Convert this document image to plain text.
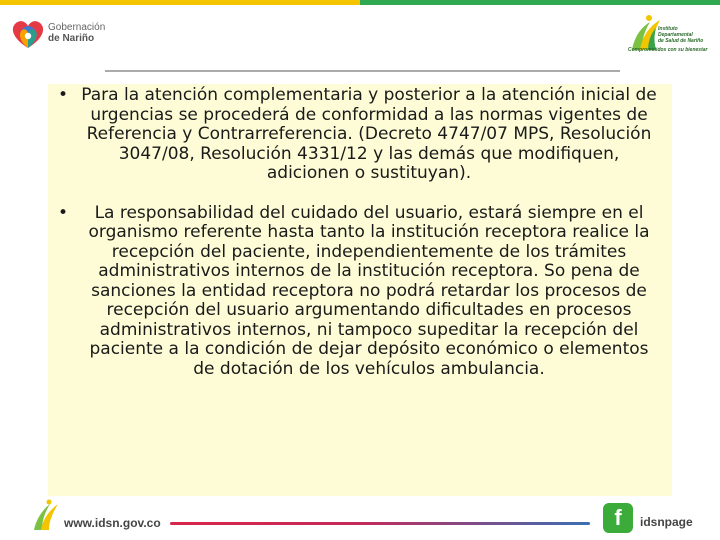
Gobernación
de Nariño
Instituto
Departamental
de Salud de Nariño
Comprometidos con su bienestar
• Para la atención complementaria y posterior a la atención inicial de urgencias se procederá de conformidad a las normas vigentes de Referencia y Contrarreferencia. (Decreto 4747/07 MPS, Resolución 3047/08, Resolución 4331/12 y las demás que modifiquen, adicionen o sustituyan).
• La responsabilidad del cuidado del usuario, estará siempre en el organismo referente hasta tanto la institución receptora realice la recepción del paciente, independientemente de los trámites administrativos internos de la institución receptora. So pena de sanciones la entidad receptora no podrá retardar los procesos de recepción del usuario argumentando dificultades en procesos administrativos internos, ni tampoco supeditar la recepción del paciente a la condición de dejar depósito económico o elementos de dotación de los vehículos ambulancia.
www.idsn.gov.co	f	idsnpage
